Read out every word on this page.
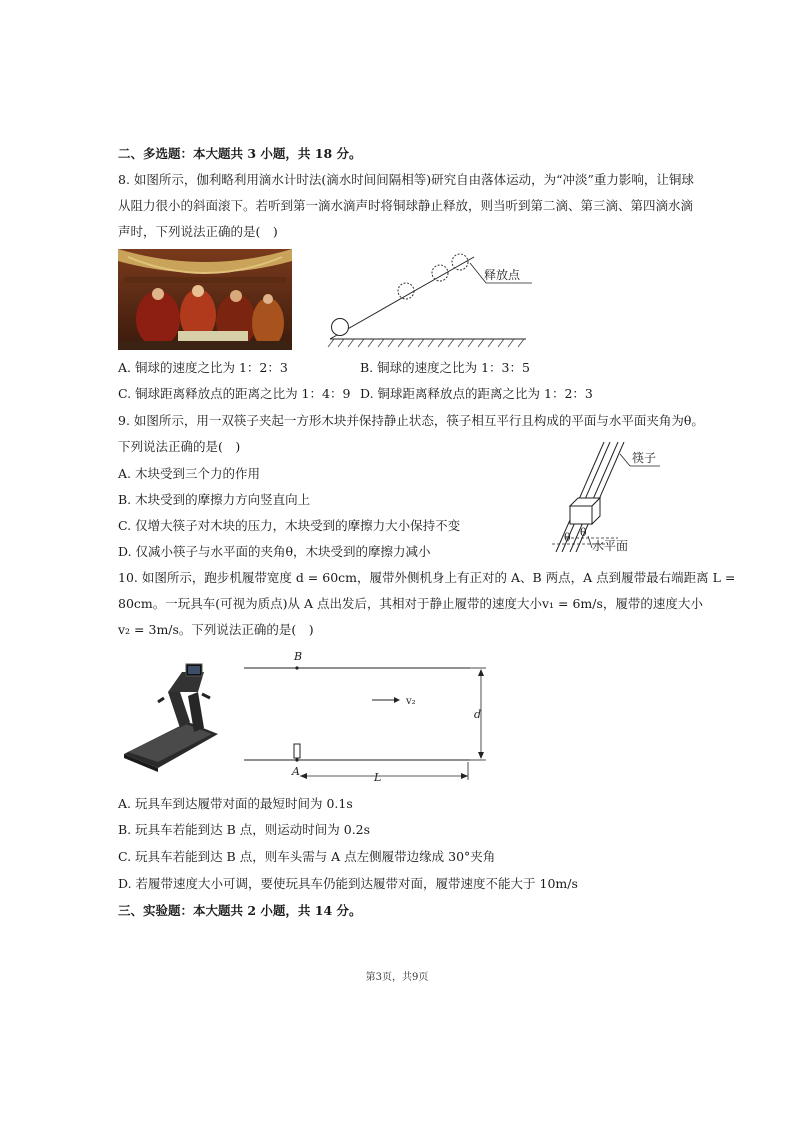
二、多选题：本大题共 3 小题，共 18 分。
8. 如图所示，伽利略利用滴水计时法(滴水时间间隔相等)研究自由落体运动，为“冲淡”重力影响，让铜球
从阻力很小的斜面滚下。若听到第一滴水滴声时将铜球静止释放，则当听到第二滴、第三滴、第四滴水滴
声时，下列说法正确的是(　)
释放点
A. 铜球的速度之比为 1：2：3	B. 铜球的速度之比为 1：3：5
C. 铜球距离释放点的距离之比为 1：4：9 D. 铜球距离释放点的距离之比为 1：2：3
9. 如图所示，用一双筷子夹起一方形木块并保持静止状态，筷子相互平行且构成的平面与水平面夹角为θ。
下列说法正确的是(　)
A. 木块受到三个力的作用
B. 木块受到的摩擦力方向竖直向上
C. 仅增大筷子对木块的压力，木块受到的摩擦力大小保持不变
D. 仅减小筷子与水平面的夹角θ，木块受到的摩擦力减小
筷子
θ θ
水平面
10. 如图所示，跑步机履带宽度 d = 60cm，履带外侧机身上有正对的 A、B 两点，A 点到履带最右端距离 L =
80cm。一玩具车(可视为质点)从 A 点出发后，其相对于静止履带的速度大小v₁ = 6m/s，履带的速度大小
v₂ = 3m/s。下列说法正确的是(　)
B
A
v₂
d
L
A. 玩具车到达履带对面的最短时间为 0.1s
B. 玩具车若能到达 B 点，则运动时间为 0.2s
C. 玩具车若能到达 B 点，则车头需与 A 点左侧履带边缘成 30°夹角
D. 若履带速度大小可调，要使玩具车仍能到达履带对面，履带速度不能大于 10m/s
三、实验题：本大题共 2 小题，共 14 分。
第3页，共9页
